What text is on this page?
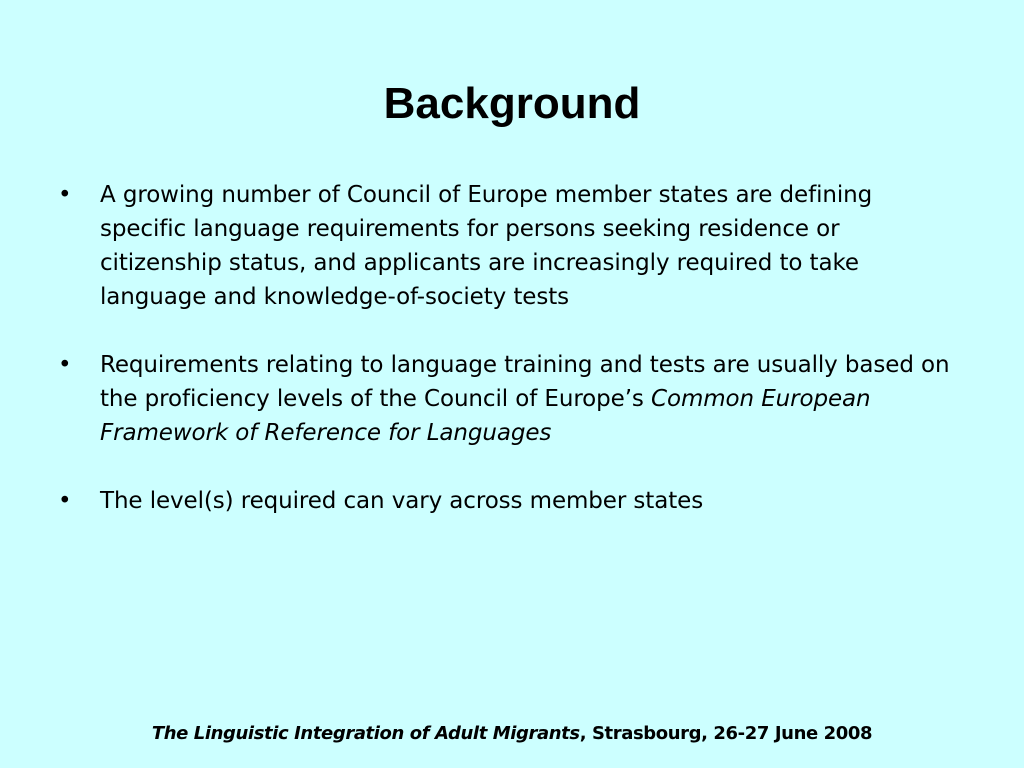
Background
• A growing number of Council of Europe member states are defining specific language requirements for persons seeking residence or citizenship status, and applicants are increasingly required to take language and knowledge-of-society tests
• Requirements relating to language training and tests are usually based on the proficiency levels of the Council of Europe’s Common European Framework of Reference for Languages
• The level(s) required can vary across member states
The Linguistic Integration of Adult Migrants, Strasbourg, 26-27 June 2008
